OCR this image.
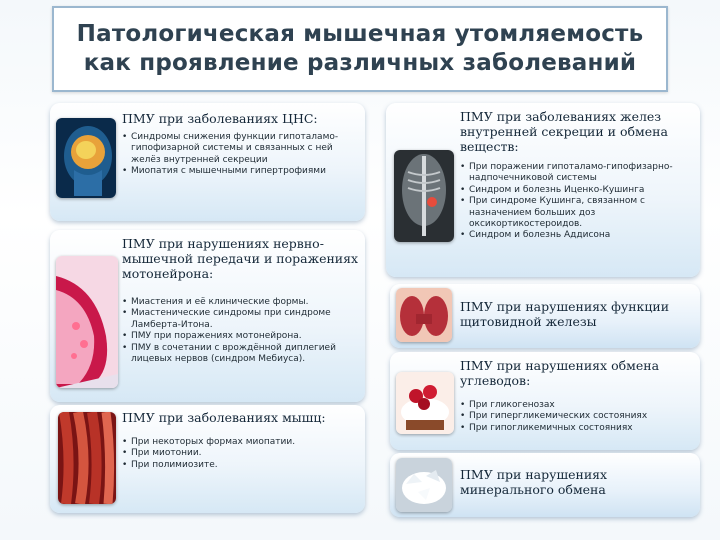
Патологическая мышечная утомляемость
как проявление различных заболеваний

ПМУ при заболеваниях ЦНС:

• Синдромы снижения функции гипоталамо-гипофизарной системы и связанных с ней желёз внутренней секреции
• Миопатия с мышечными гипертрофиями

ПМУ при нарушениях нервно-мышечной передачи и поражениях мотонейрона:

• Миастения и её клинические формы.
• Миастенические синдромы при синдроме Ламберта-Итона.
• ПМУ при поражениях мотонейрона.
• ПМУ в сочетании с врождённой диплегией лицевых нервов (синдром Мебиуса).

ПМУ при заболеваниях мышц:

• При некоторых формах миопатии.
• При миотонии.
• При полимиозите.

ПМУ при заболеваниях желез внутренней секреции и обмена веществ:

• При поражении гипоталамо-гипофизарно-надпочечниковой системы
• Синдром и болезнь Иценко-Кушинга
• При синдроме Кушинга, связанном с назначением больших доз оксикортикостероидов.
• Синдром и болезнь Аддисона

ПМУ при нарушениях функции щитовидной железы

ПМУ при нарушениях обмена углеводов:

• При гликогенозах
• При гипергликемических состояниях
• При гипогликемичных состояниях

ПМУ при нарушениях минерального обмена
